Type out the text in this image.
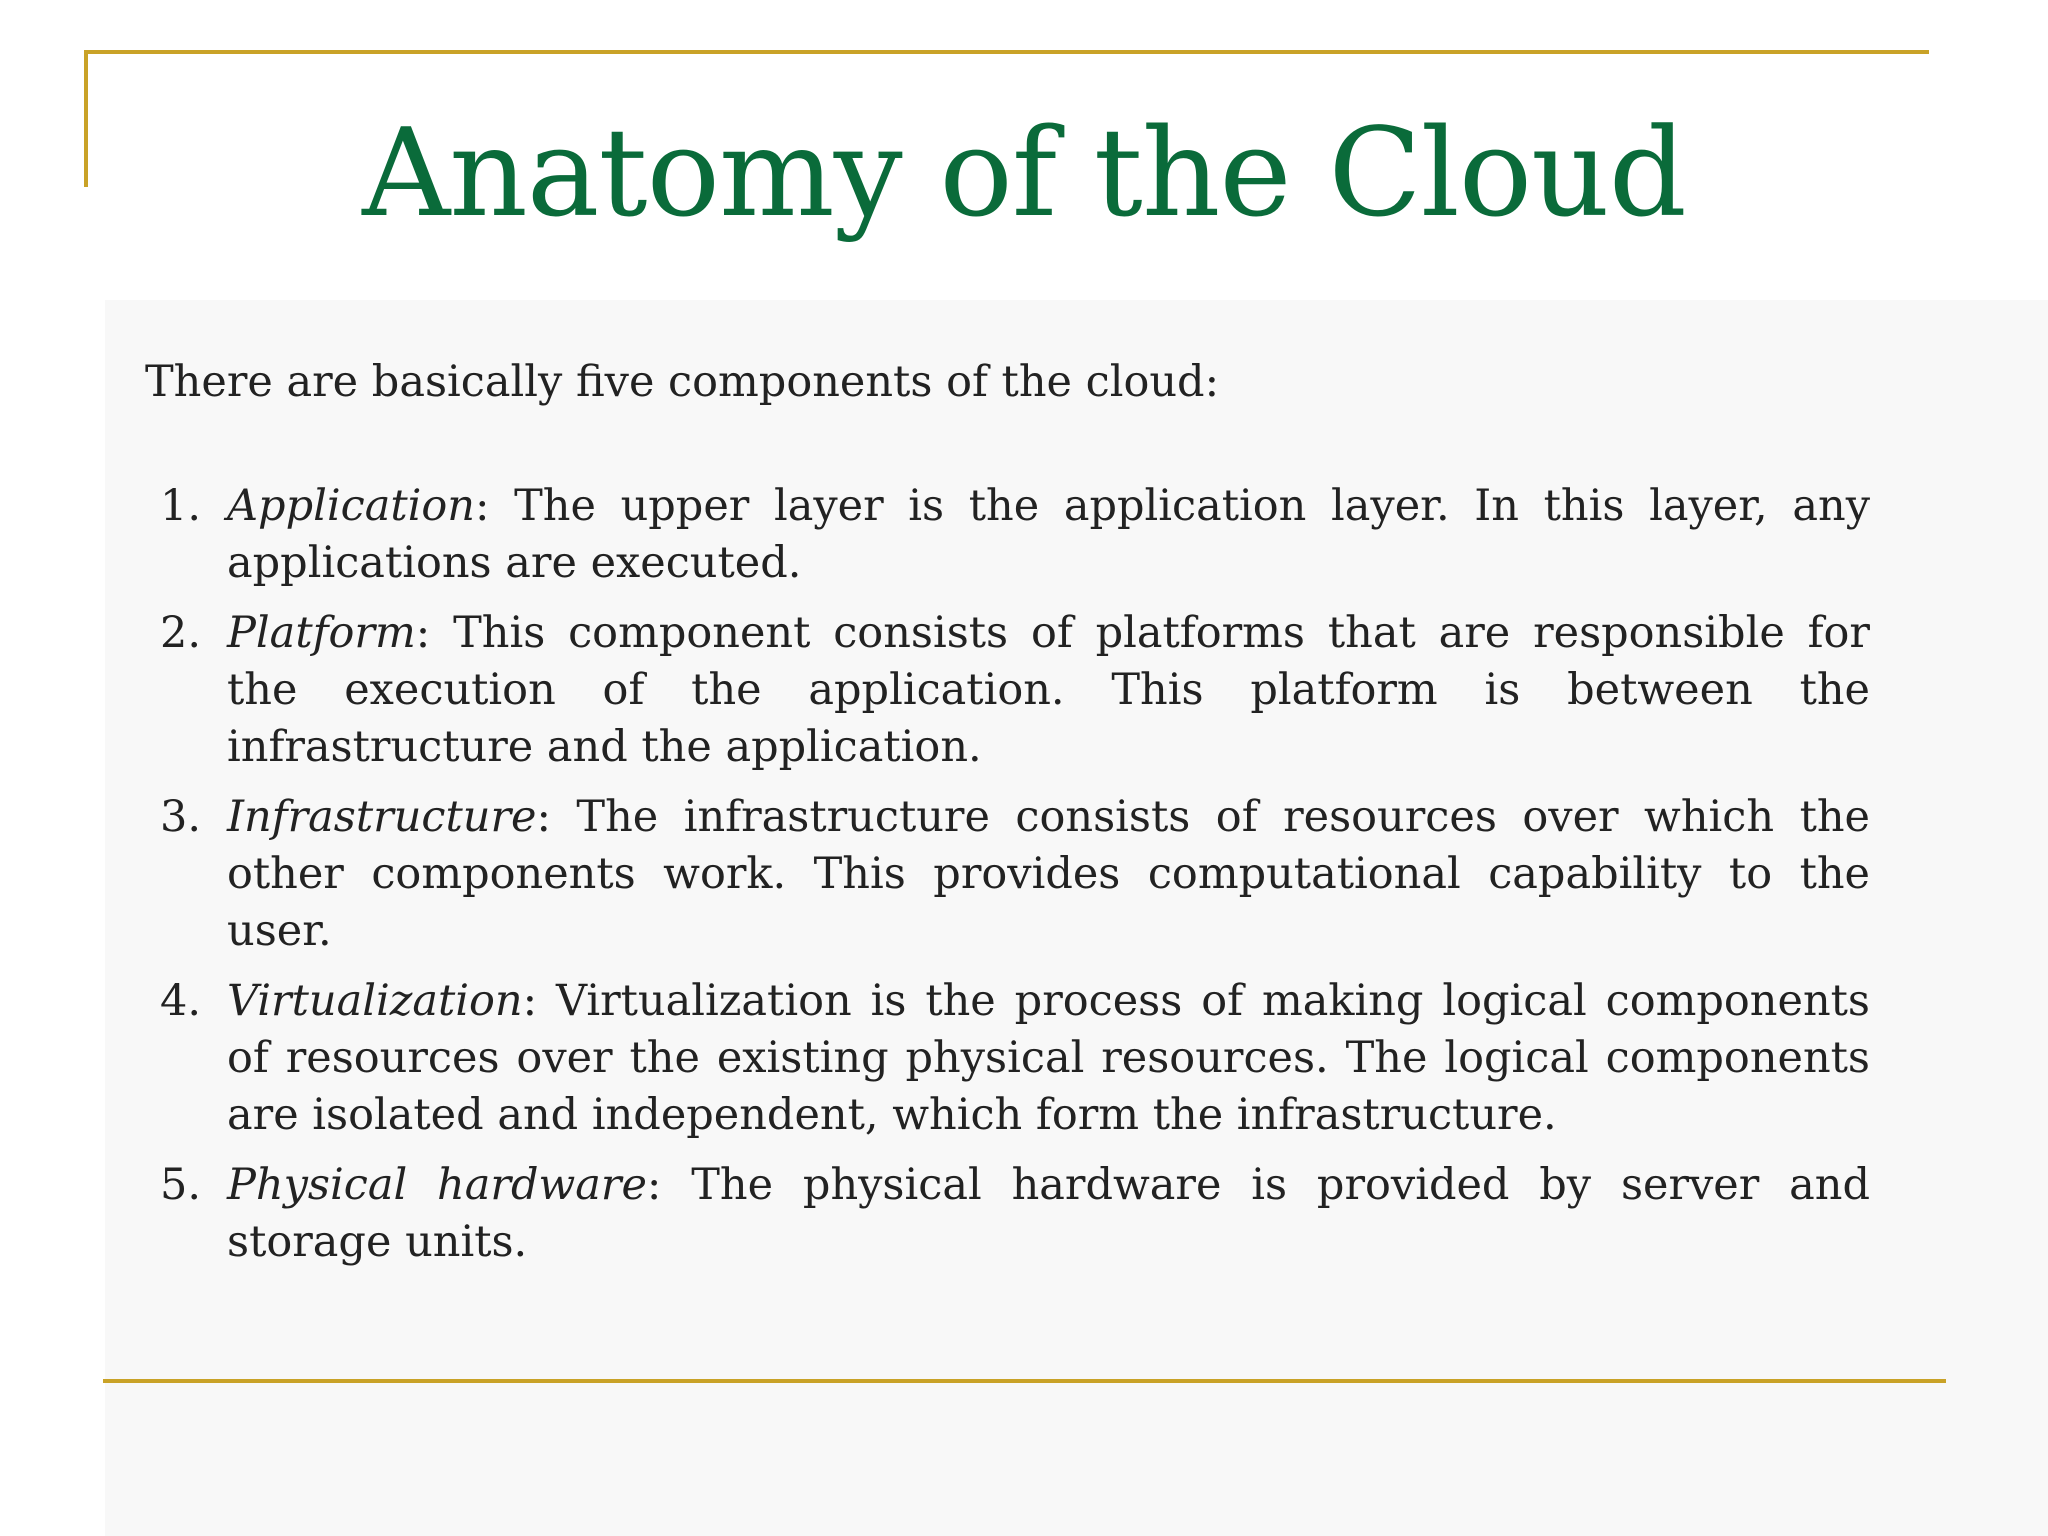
Anatomy of the Cloud

There are basically five components of the cloud:

1. Application: The upper layer is the application layer. In this layer, any applications are executed.
2. Platform: This component consists of platforms that are responsible for the execution of the application. This platform is between the infrastructure and the application.
3. Infrastructure: The infrastructure consists of resources over which the other components work. This provides computational capability to the user.
4. Virtualization: Virtualization is the process of making logical components of resources over the existing physical resources. The logical components are isolated and independent, which form the infrastructure.
5. Physical hardware: The physical hardware is provided by server and storage units.
